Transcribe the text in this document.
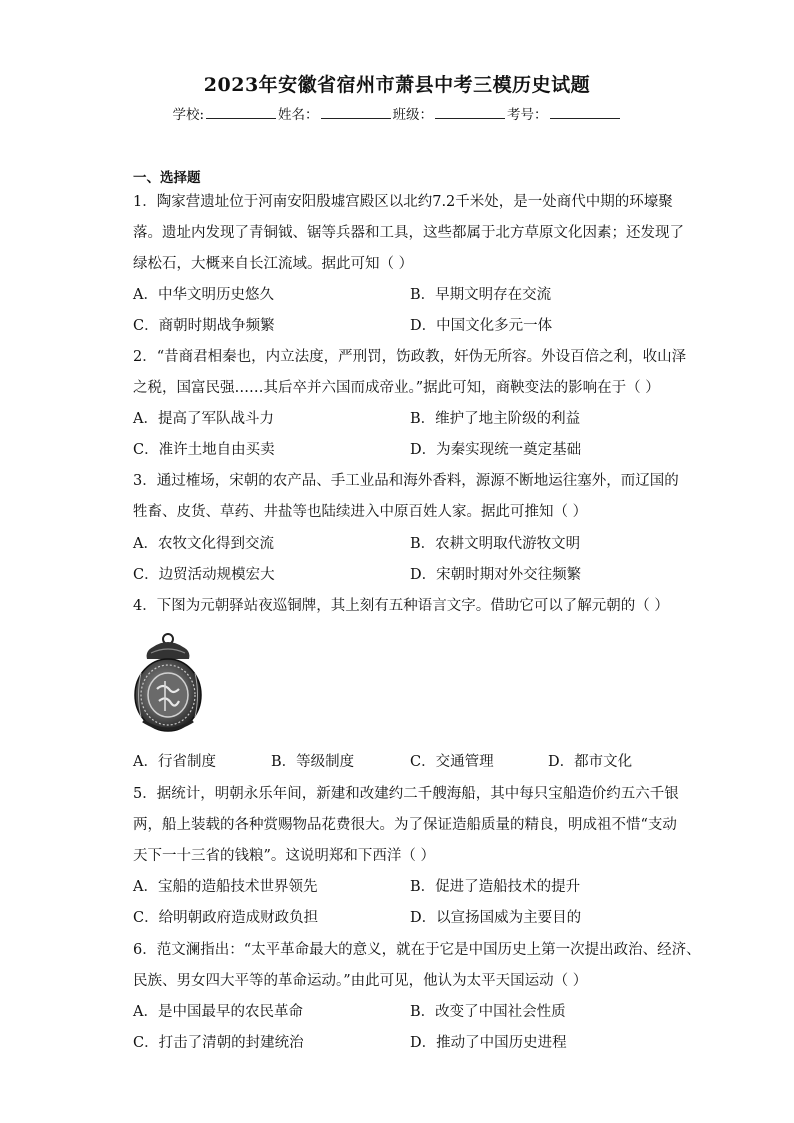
2023年安徽省宿州市萧县中考三模历史试题
学校:	姓名：	班级：	考号：
一、选择题
1．陶家营遗址位于河南安阳殷墟宫殿区以北约7.2千米处，是一处商代中期的环壕聚
落。遗址内发现了青铜钺、锯等兵器和工具，这些都属于北方草原文化因素；还发现了
绿松石，大概来自长江流域。据此可知（ ）
A．中华文明历史悠久	B．早期文明存在交流
C．商朝时期战争频繁	D．中国文化多元一体
2．“昔商君相秦也，内立法度，严刑罚，饬政教，奸伪无所容。外设百倍之利，收山泽
之税，国富民强……其后卒并六国而成帝业。”据此可知，商鞅变法的影响在于（ ）
A．提高了军队战斗力	B．维护了地主阶级的利益
C．准许土地自由买卖	D．为秦实现统一奠定基础
3．通过榷场，宋朝的农产品、手工业品和海外香料，源源不断地运往塞外，而辽国的
牲畜、皮货、草药、井盐等也陆续进入中原百姓人家。据此可推知（ ）
A．农牧文化得到交流	B．农耕文明取代游牧文明
C．边贸活动规模宏大	D．宋朝时期对外交往频繁
4．下图为元朝驿站夜巡铜牌，其上刻有五种语言文字。借助它可以了解元朝的（ ）
A．行省制度	B．等级制度	C．交通管理	D．都市文化
5．据统计，明朝永乐年间，新建和改建约二千艘海船，其中每只宝船造价约五六千银
两，船上装载的各种赏赐物品花费很大。为了保证造船质量的精良，明成祖不惜“支动
天下一十三省的钱粮”。这说明郑和下西洋（ ）
A．宝船的造船技术世界领先	B．促进了造船技术的提升
C．给明朝政府造成财政负担	D．以宣扬国威为主要目的
6．范文澜指出：“太平革命最大的意义，就在于它是中国历史上第一次提出政治、经济、
民族、男女四大平等的革命运动。”由此可见，他认为太平天国运动（ ）
A．是中国最早的农民革命	B．改变了中国社会性质
C．打击了清朝的封建统治	D．推动了中国历史进程
